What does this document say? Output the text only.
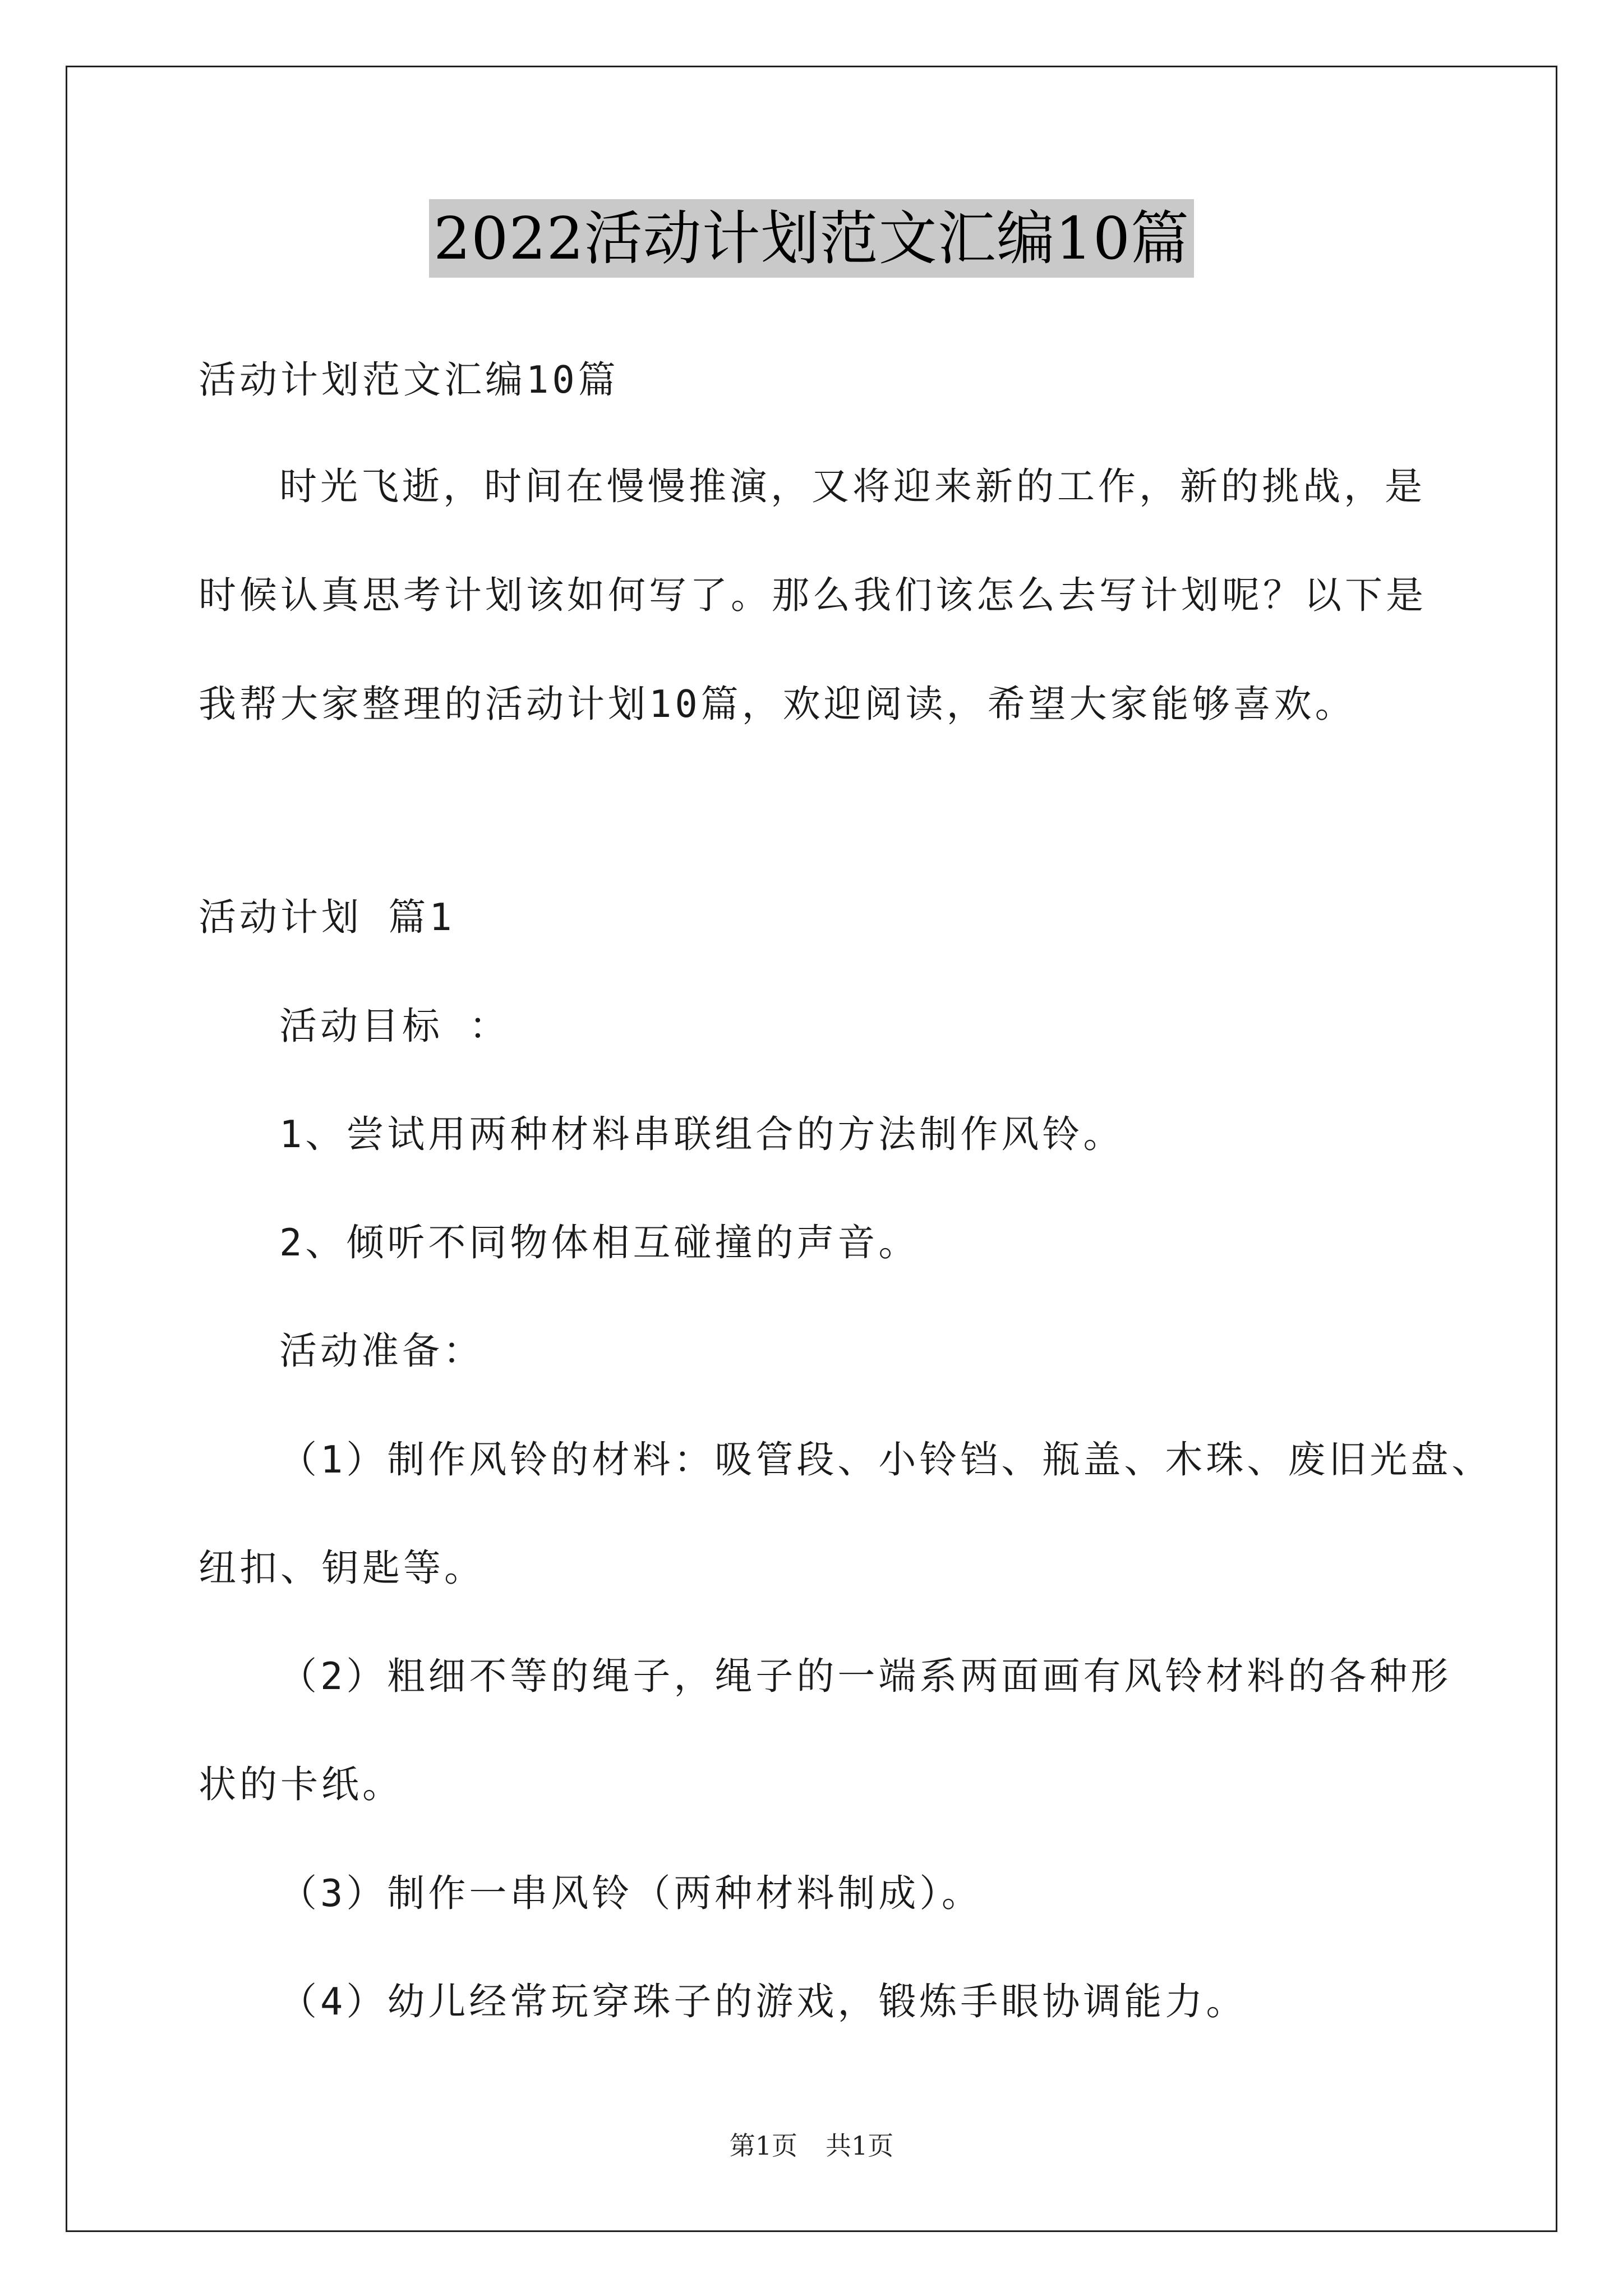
2022活动计划范文汇编10篇
活动计划范文汇编10篇
时光飞逝，时间在慢慢推演，又将迎来新的工作，新的挑战，是
时候认真思考计划该如何写了。那么我们该怎么去写计划呢？以下是
我帮大家整理的活动计划10篇，欢迎阅读，希望大家能够喜欢。
活动计划 篇1
活动目标 ：
1、尝试用两种材料串联组合的方法制作风铃。
2、倾听不同物体相互碰撞的声音。
活动准备：
（1）制作风铃的材料：吸管段、小铃铛、瓶盖、木珠、废旧光盘、
纽扣、钥匙等。
（2）粗细不等的绳子，绳子的一端系两面画有风铃材料的各种形
状的卡纸。
（3）制作一串风铃（两种材料制成）。
（4）幼儿经常玩穿珠子的游戏，锻炼手眼协调能力。
第1页 共1页
